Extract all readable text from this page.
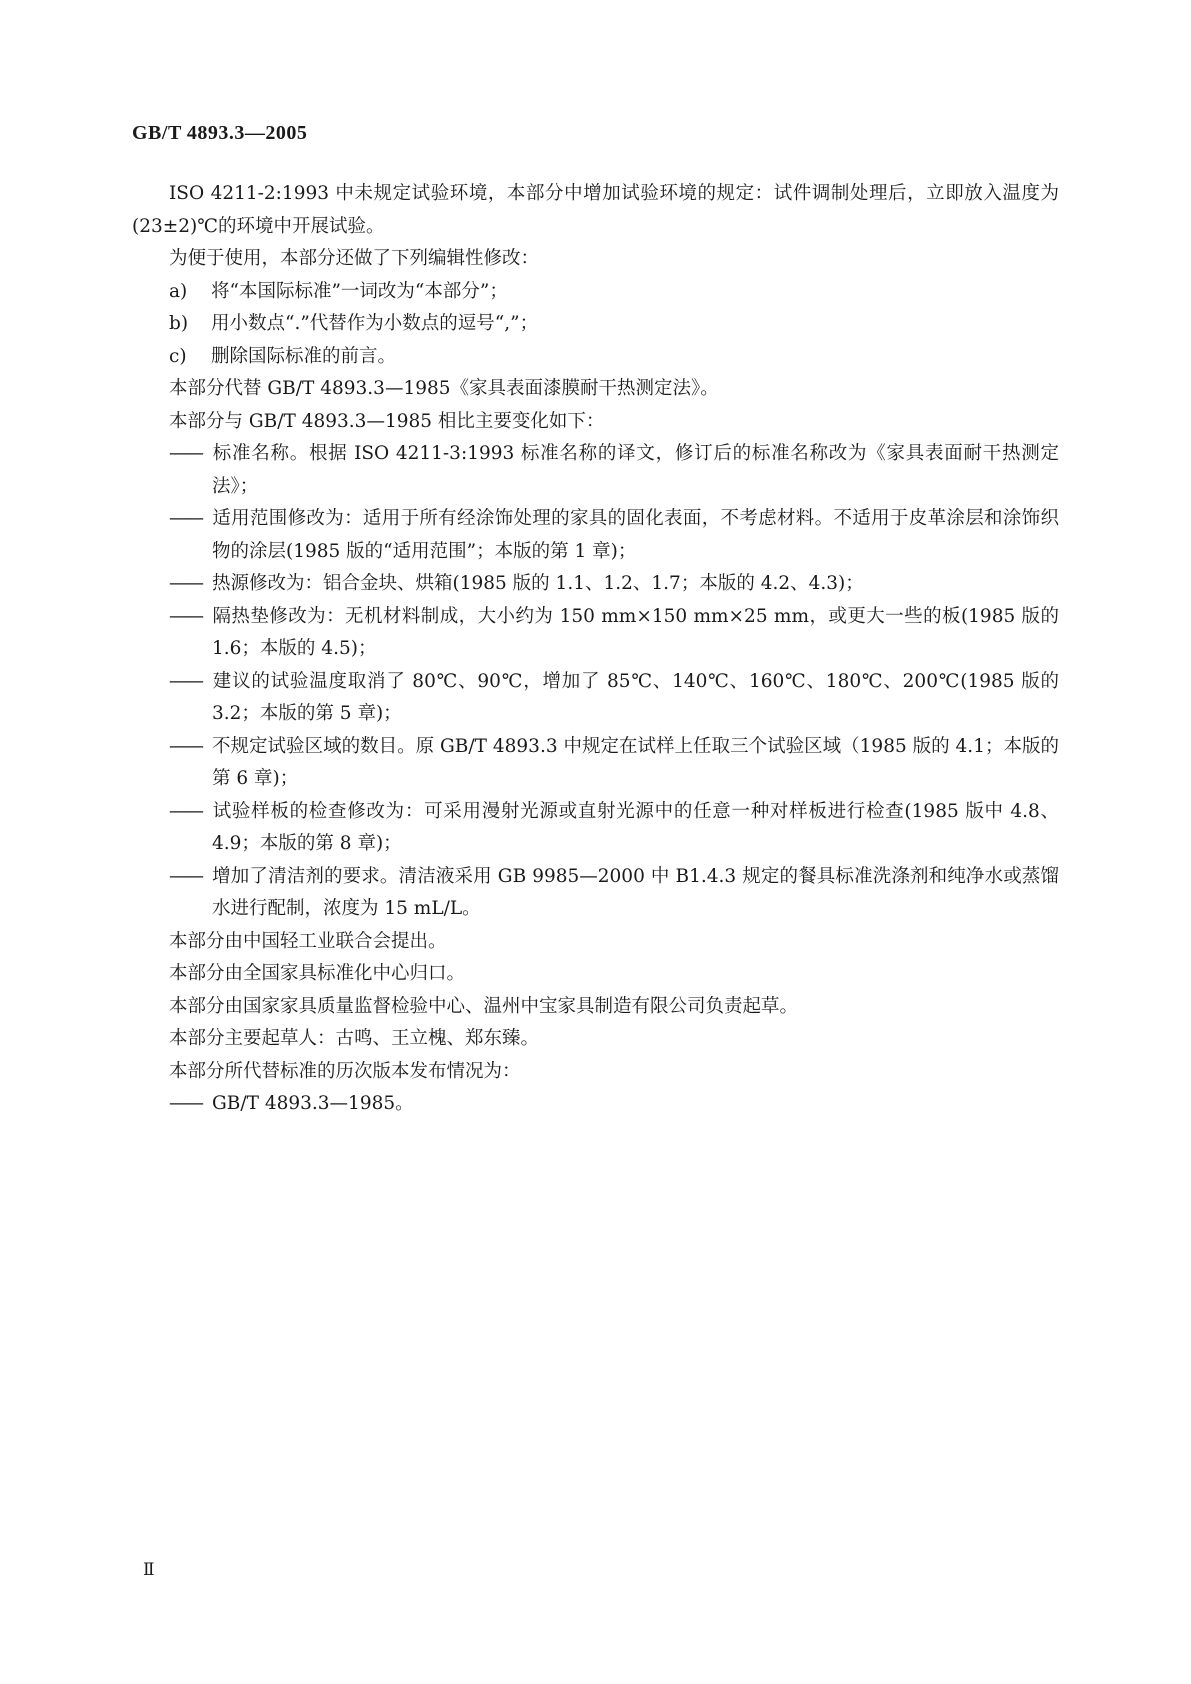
GB/T 4893.3—2005

ISO 4211-2:1993 中未规定试验环境，本部分中增加试验环境的规定：试件调制处理后，立即放入温度为(23±2)℃的环境中开展试验。

为便于使用，本部分还做了下列编辑性修改：

a)	将“本国际标准”一词改为“本部分”；

b)	用小数点“.”代替作为小数点的逗号“,”；

c)	删除国际标准的前言。

本部分代替 GB/T 4893.3—1985《家具表面漆膜耐干热测定法》。

本部分与 GB/T 4893.3—1985 相比主要变化如下：

—— 标准名称。根据 ISO 4211-3:1993 标准名称的译文，修订后的标准名称改为《家具表面耐干热测定法》；

—— 适用范围修改为：适用于所有经涂饰处理的家具的固化表面，不考虑材料。不适用于皮革涂层和涂饰织物的涂层(1985 版的“适用范围”；本版的第 1 章)；

—— 热源修改为：铝合金块、烘箱(1985 版的 1.1、1.2、1.7；本版的 4.2、4.3)；

—— 隔热垫修改为：无机材料制成，大小约为 150 mm×150 mm×25 mm，或更大一些的板(1985 版的 1.6；本版的 4.5)；

—— 建议的试验温度取消了 80℃、90℃，增加了 85℃、140℃、160℃、180℃、200℃(1985 版的 3.2；本版的第 5 章)；

—— 不规定试验区域的数目。原 GB/T 4893.3 中规定在试样上任取三个试验区域（1985 版的 4.1；本版的第 6 章)；

—— 试验样板的检查修改为：可采用漫射光源或直射光源中的任意一种对样板进行检查(1985 版中 4.8、4.9；本版的第 8 章)；

—— 增加了清洁剂的要求。清洁液采用 GB 9985—2000 中 B1.4.3 规定的餐具标准洗涤剂和纯净水或蒸馏水进行配制，浓度为 15 mL/L。

本部分由中国轻工业联合会提出。

本部分由全国家具标准化中心归口。

本部分由国家家具质量监督检验中心、温州中宝家具制造有限公司负责起草。

本部分主要起草人：古鸣、王立槐、郑东臻。

本部分所代替标准的历次版本发布情况为：

—— GB/T 4893.3—1985。

Ⅱ
